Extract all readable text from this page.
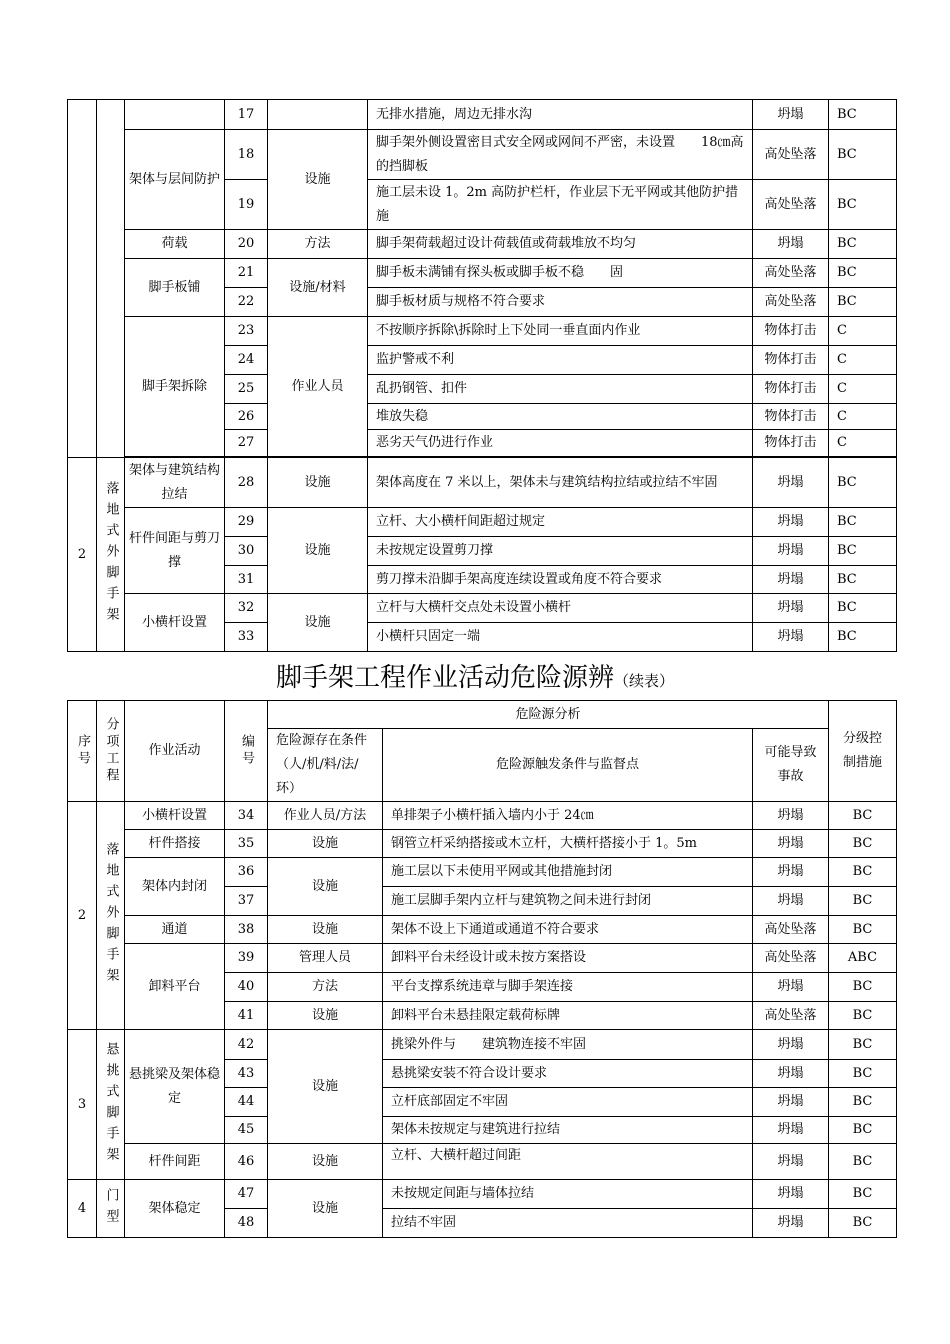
			17		无排水措施，周边无排水沟	坍塌	BC
		架体与层间防护	18	设施	脚手架外侧设置密目式安全网或网间不严密，未设置　　18㎝高的挡脚板	高处坠落	BC
			19		施工层未设 1。2m 高防护栏杆，作业层下无平网或其他防护措施	高处坠落	BC
		荷载	20	方法	脚手架荷载超过设计荷载值或荷载堆放不均匀	坍塌	BC
		脚手板铺	21	设施/材料	脚手板未满铺有探头板或脚手板不稳　　固	高处坠落	BC
			22		脚手板材质与规格不符合要求	高处坠落	BC
		脚手架拆除	23	作业人员	不按顺序拆除\拆除时上下处同一垂直面内作业	物体打击	C
			24		监护警戒不利	物体打击	C
			25		乱扔钢管、扣件	物体打击	C
			26		堆放失稳	物体打击	C
			27		恶劣天气仍进行作业	物体打击	C

2	落地式外脚手架	架体与建筑结构拉结	28	设施	架体高度在 7 米以上，架体未与建筑结构拉结或拉结不牢固	坍塌	BC
		杆件间距与剪刀撑	29	设施	立杆、大小横杆间距超过规定	坍塌	BC
			30		未按规定设置剪刀撑	坍塌	BC
			31		剪刀撑未沿脚手架高度连续设置或角度不符合要求	坍塌	BC
		小横杆设置	32	设施	立杆与大横杆交点处未设置小横杆	坍塌	BC
			33		小横杆只固定一端	坍塌	BC
脚手架工程作业活动危险源辨（续表）
序号	分项工程	作业活动	编号	危险源分析			分级控制措施
				危险源存在条件（人/机/料/法/环）	危险源触发条件与监督点	可能导致事故	
2	落地式外脚手架	小横杆设置	34	作业人员/方法	单排架子小横杆插入墙内小于 24㎝	坍塌	BC
		杆件搭接	35	设施	钢管立杆采纳搭接或木立杆，大横杆搭接小于 1。5m	坍塌	BC
		架体内封闭	36	设施	施工层以下未使用平网或其他措施封闭	坍塌	BC
			37		施工层脚手架内立杆与建筑物之间未进行封闭	坍塌	BC
		通道	38	设施	架体不设上下通道或通道不符合要求	高处坠落	BC
		卸料平台	39	管理人员	卸料平台未经设计或未按方案搭设	高处坠落	ABC
			40	方法	平台支撑系统违章与脚手架连接	坍塌	BC
			41	设施	卸料平台未悬挂限定载荷标牌	高处坠落	BC
3	悬挑式脚手架	悬挑梁及架体稳定	42	设施	挑梁外件与　　建筑物连接不牢固	坍塌	BC
			43		悬挑梁安装不符合设计要求	坍塌	BC
			44		立杆底部固定不牢固	坍塌	BC
			45		架体未按规定与建筑进行拉结	坍塌	BC
		杆件间距	46	设施	立杆、大横杆超过间距	坍塌	BC
4	门型	架体稳定	47	设施	未按规定间距与墙体拉结	坍塌	BC
			48		拉结不牢固	坍塌	BC
